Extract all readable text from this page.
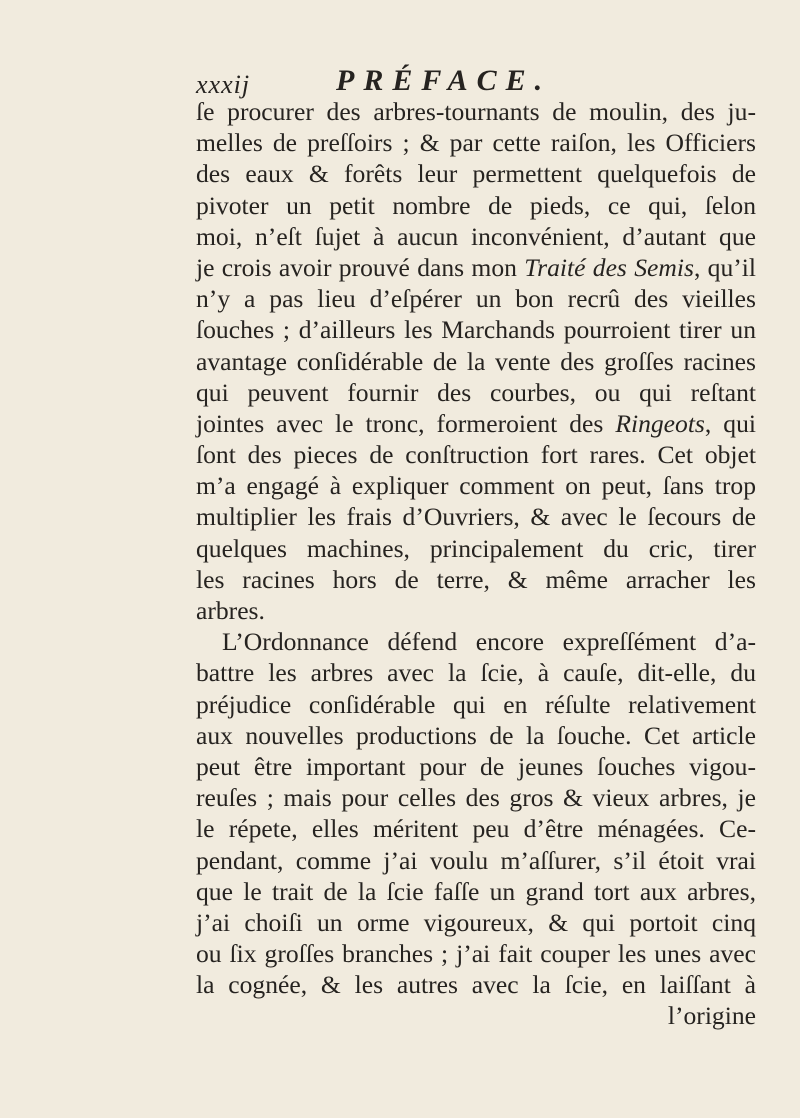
xxxij	PRÉFACE.
ſe procurer des arbres-tournants de moulin, des ju-
melles de preſſoirs ; & par cette raiſon, les Officiers
des eaux & forêts leur permettent quelquefois de
pivoter un petit nombre de pieds, ce qui, ſelon
moi, n’eſt ſujet à aucun inconvénient, d’autant que
je crois avoir prouvé dans mon Traité des Semis, qu’il
n’y a pas lieu d’eſpérer un bon recrû des vieilles
ſouches ; d’ailleurs les Marchands pourroient tirer un
avantage conſidérable de la vente des groſſes racines
qui peuvent fournir des courbes, ou qui reſtant
jointes avec le tronc, formeroient des Ringeots, qui
ſont des pieces de conſtruction fort rares. Cet objet
m’a engagé à expliquer comment on peut, ſans trop
multiplier les frais d’Ouvriers, & avec le ſecours de
quelques machines, principalement du cric, tirer
les racines hors de terre, & même arracher les
arbres.
L’Ordonnance défend encore expreſſément d’a-
battre les arbres avec la ſcie, à cauſe, dit-elle, du
préjudice conſidérable qui en réſulte relativement
aux nouvelles productions de la ſouche. Cet article
peut être important pour de jeunes ſouches vigou-
reuſes ; mais pour celles des gros & vieux arbres, je
le répete, elles méritent peu d’être ménagées. Ce-
pendant, comme j’ai voulu m’aſſurer, s’il étoit vrai
que le trait de la ſcie faſſe un grand tort aux arbres,
j’ai choiſi un orme vigoureux, & qui portoit cinq
ou ſix groſſes branches ; j’ai fait couper les unes avec
la cognée, & les autres avec la ſcie, en laiſſant à
l’origine
